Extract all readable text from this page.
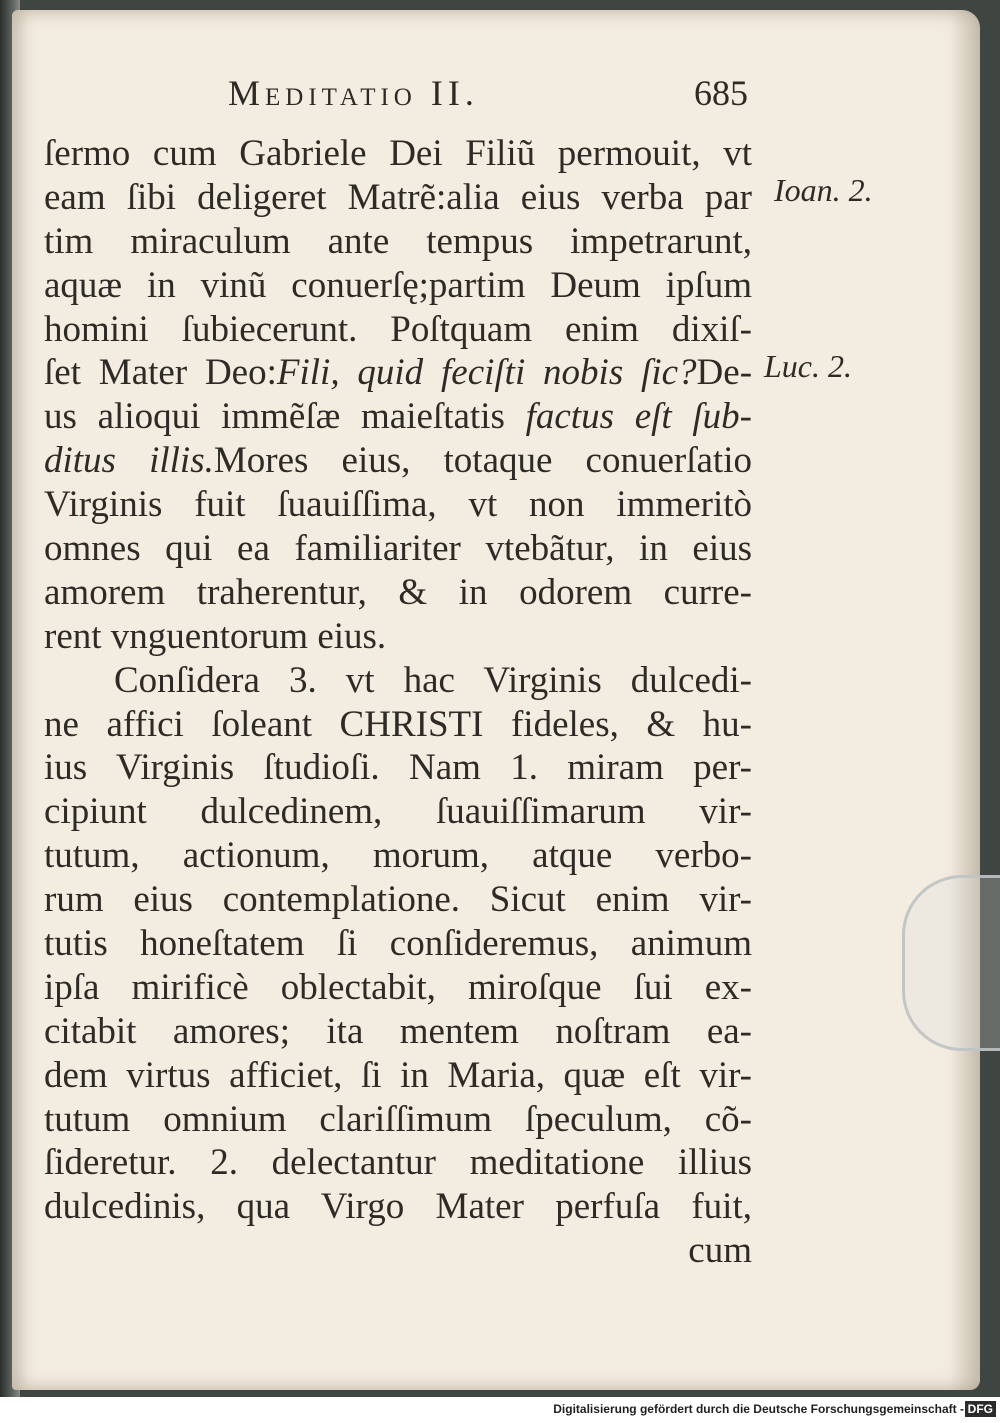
Meditatio II.	685
ſermo cum Gabriele Dei Filiũ permouit, vt
eam ſibi deligeret Matrẽ:alia eius verba par
tim miraculum ante tempus impetrarunt,
aquæ in vinũ conuerſę;partim Deum ipſum
homini ſubiecerunt. Poſtquam enim dixiſ-
ſet Mater Deo:Fili, quid feciſti nobis ſic?De-
us alioqui immẽſæ maieſtatis factus eſt ſub-
ditus illis.Mores eius, totaque conuerſatio
Virginis fuit ſuauiſſima, vt non immeritò
omnes qui ea familiariter vtebãtur, in eius
amorem traherentur, & in odorem curre-
rent vnguentorum eius.
Conſidera 3. vt hac Virginis dulcedi-
ne affici ſoleant CHRISTI fideles, & hu-
ius Virginis ſtudioſi. Nam 1. miram per-
cipiunt dulcedinem, ſuauiſſimarum vir-
tutum, actionum, morum, atque verbo-
rum eius contemplatione. Sicut enim vir-
tutis honeſtatem ſi conſideremus, animum
ipſa mirificè oblectabit, miroſque ſui ex-
citabit amores; ita mentem noſtram ea-
dem virtus afficiet, ſi in Maria, quæ eſt vir-
tutum omnium clariſſimum ſpeculum, cõ-
ſideretur. 2. delectantur meditatione illius
dulcedinis, qua Virgo Mater perfuſa fuit,
cum
Ioan. 2.
Luc. 2.
Digitalisierung gefördert durch die Deutsche Forschungsgemeinschaft - DFG
